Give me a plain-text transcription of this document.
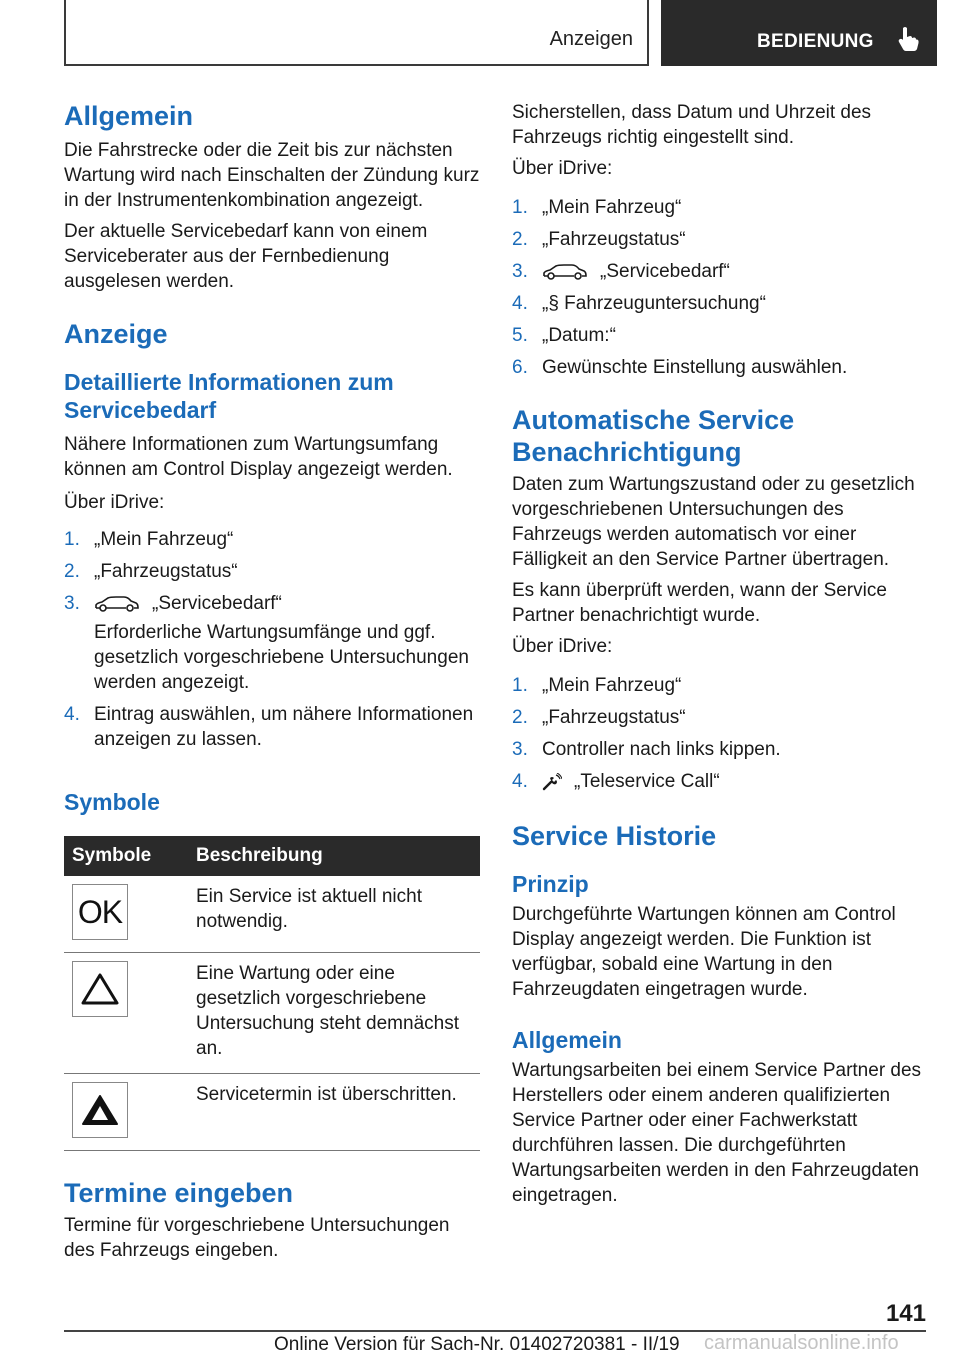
Anzeigen	BEDIENUNG
Allgemein

Die Fahrstrecke oder die Zeit bis zur nächsten Wartung wird nach Einschalten der Zündung kurz in der Instrumentenkombination angezeigt.

Der aktuelle Servicebedarf kann von einem Serviceberater aus der Fernbedienung ausgelesen werden.

Anzeige
Detaillierte Informationen zum Servicebedarf

Nähere Informationen zum Wartungsumfang können am Control Display angezeigt werden.

Über iDrive:

1. „Mein Fahrzeug“
2. „Fahrzeugstatus“
3.	„Servicebedarf“
Erforderliche Wartungsumfänge und ggf. gesetzlich vorgeschriebene Untersuchungen werden angezeigt.
4. Eintrag auswählen, um nähere Informationen anzeigen zu lassen.
Symbole
Symbole	Beschreibung

OK	Ein Service ist aktuell nicht notwendig.

	Eine Wartung oder eine gesetzlich vorgeschriebene Untersuchung steht demnächst an.

	Servicetermin ist überschritten.
Termine eingeben

Termine für vorgeschriebene Untersuchungen des Fahrzeugs eingeben.

Sicherstellen, dass Datum und Uhrzeit des Fahrzeugs richtig eingestellt sind.

Über iDrive:

1. „Mein Fahrzeug“
2. „Fahrzeugstatus“
3.	„Servicebedarf“
4. „§ Fahrzeuguntersuchung“
5. „Datum:“
6. Gewünschte Einstellung auswählen.
Automatische Service Benachrichtigung

Daten zum Wartungszustand oder zu gesetzlich vorgeschriebenen Untersuchungen des Fahrzeugs werden automatisch vor einer Fälligkeit an den Service Partner übertragen.

Es kann überprüft werden, wann der Service Partner benachrichtigt wurde.

Über iDrive:

1. „Mein Fahrzeug“
2. „Fahrzeugstatus“
3. Controller nach links kippen.
4. „Teleservice Call“
Service Historie
Prinzip

Durchgeführte Wartungen können am Control Display angezeigt werden. Die Funktion ist verfügbar, sobald eine Wartung in den Fahrzeugdaten eingetragen wurde.

Allgemein

Wartungsarbeiten bei einem Service Partner des Herstellers oder einem anderen qualifizierten Service Partner oder einer Fachwerkstatt durchführen lassen. Die durchgeführten Wartungsarbeiten werden in den Fahrzeugdaten eingetragen.

141
Online Version für Sach-Nr. 01402720381 - II/19 carmanualsonline.info
